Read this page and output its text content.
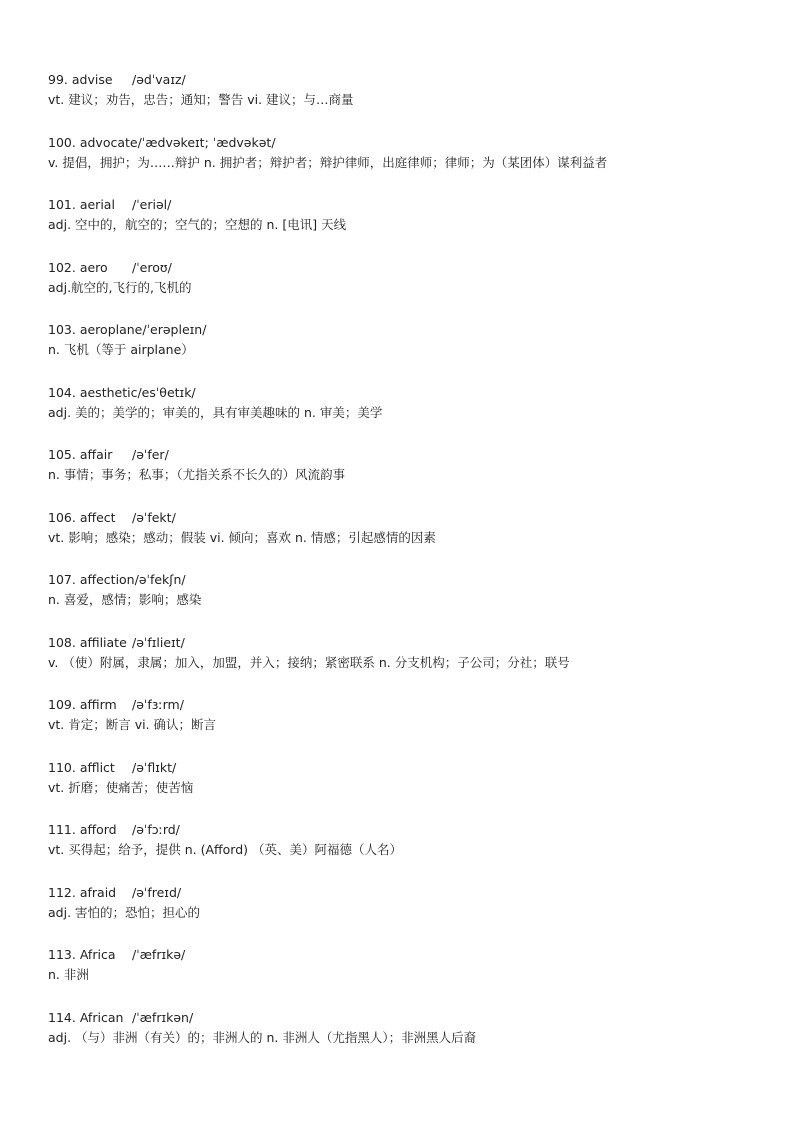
99. advise /ədˈvaɪz/
vt. 建议；劝告，忠告；通知；警告 vi. 建议；与…商量
100. advocate/ˈædvəkeɪt; ˈædvəkət/
v. 提倡，拥护；为……辩护 n. 拥护者；辩护者；辩护律师，出庭律师；律师；为（某团体）谋利益者
101. aerial /ˈeriəl/
adj. 空中的，航空的；空气的；空想的 n. [电讯] 天线
102. aero /ˈeroʊ/
adj.航空的,飞行的,飞机的
103. aeroplane/ˈerəpleɪn/
n. 飞机（等于 airplane）
104. aesthetic/esˈθetɪk/
adj. 美的；美学的；审美的，具有审美趣味的 n. 审美；美学
105. affair /əˈfer/
n. 事情；事务；私事；（尤指关系不长久的）风流韵事
106. affect /əˈfekt/
vt. 影响；感染；感动；假装 vi. 倾向；喜欢 n. 情感；引起感情的因素
107. affection/əˈfekʃn/
n. 喜爱，感情；影响；感染
108. affiliate /əˈfɪlieɪt/
v. （使）附属，隶属；加入，加盟，并入；接纳；紧密联系 n. 分支机构；子公司；分社；联号
109. affirm /əˈfɜːrm/
vt. 肯定；断言 vi. 确认；断言
110. afflict /əˈflɪkt/
vt. 折磨；使痛苦；使苦恼
111. afford /əˈfɔːrd/
vt. 买得起；给予，提供 n. (Afford) （英、美）阿福德（人名）
112. afraid /əˈfreɪd/
adj. 害怕的；恐怕；担心的
113. Africa /ˈæfrɪkə/
n. 非洲
114. African /ˈæfrɪkən/
adj. （与）非洲（有关）的；非洲人的 n. 非洲人（尤指黑人）；非洲黑人后裔
